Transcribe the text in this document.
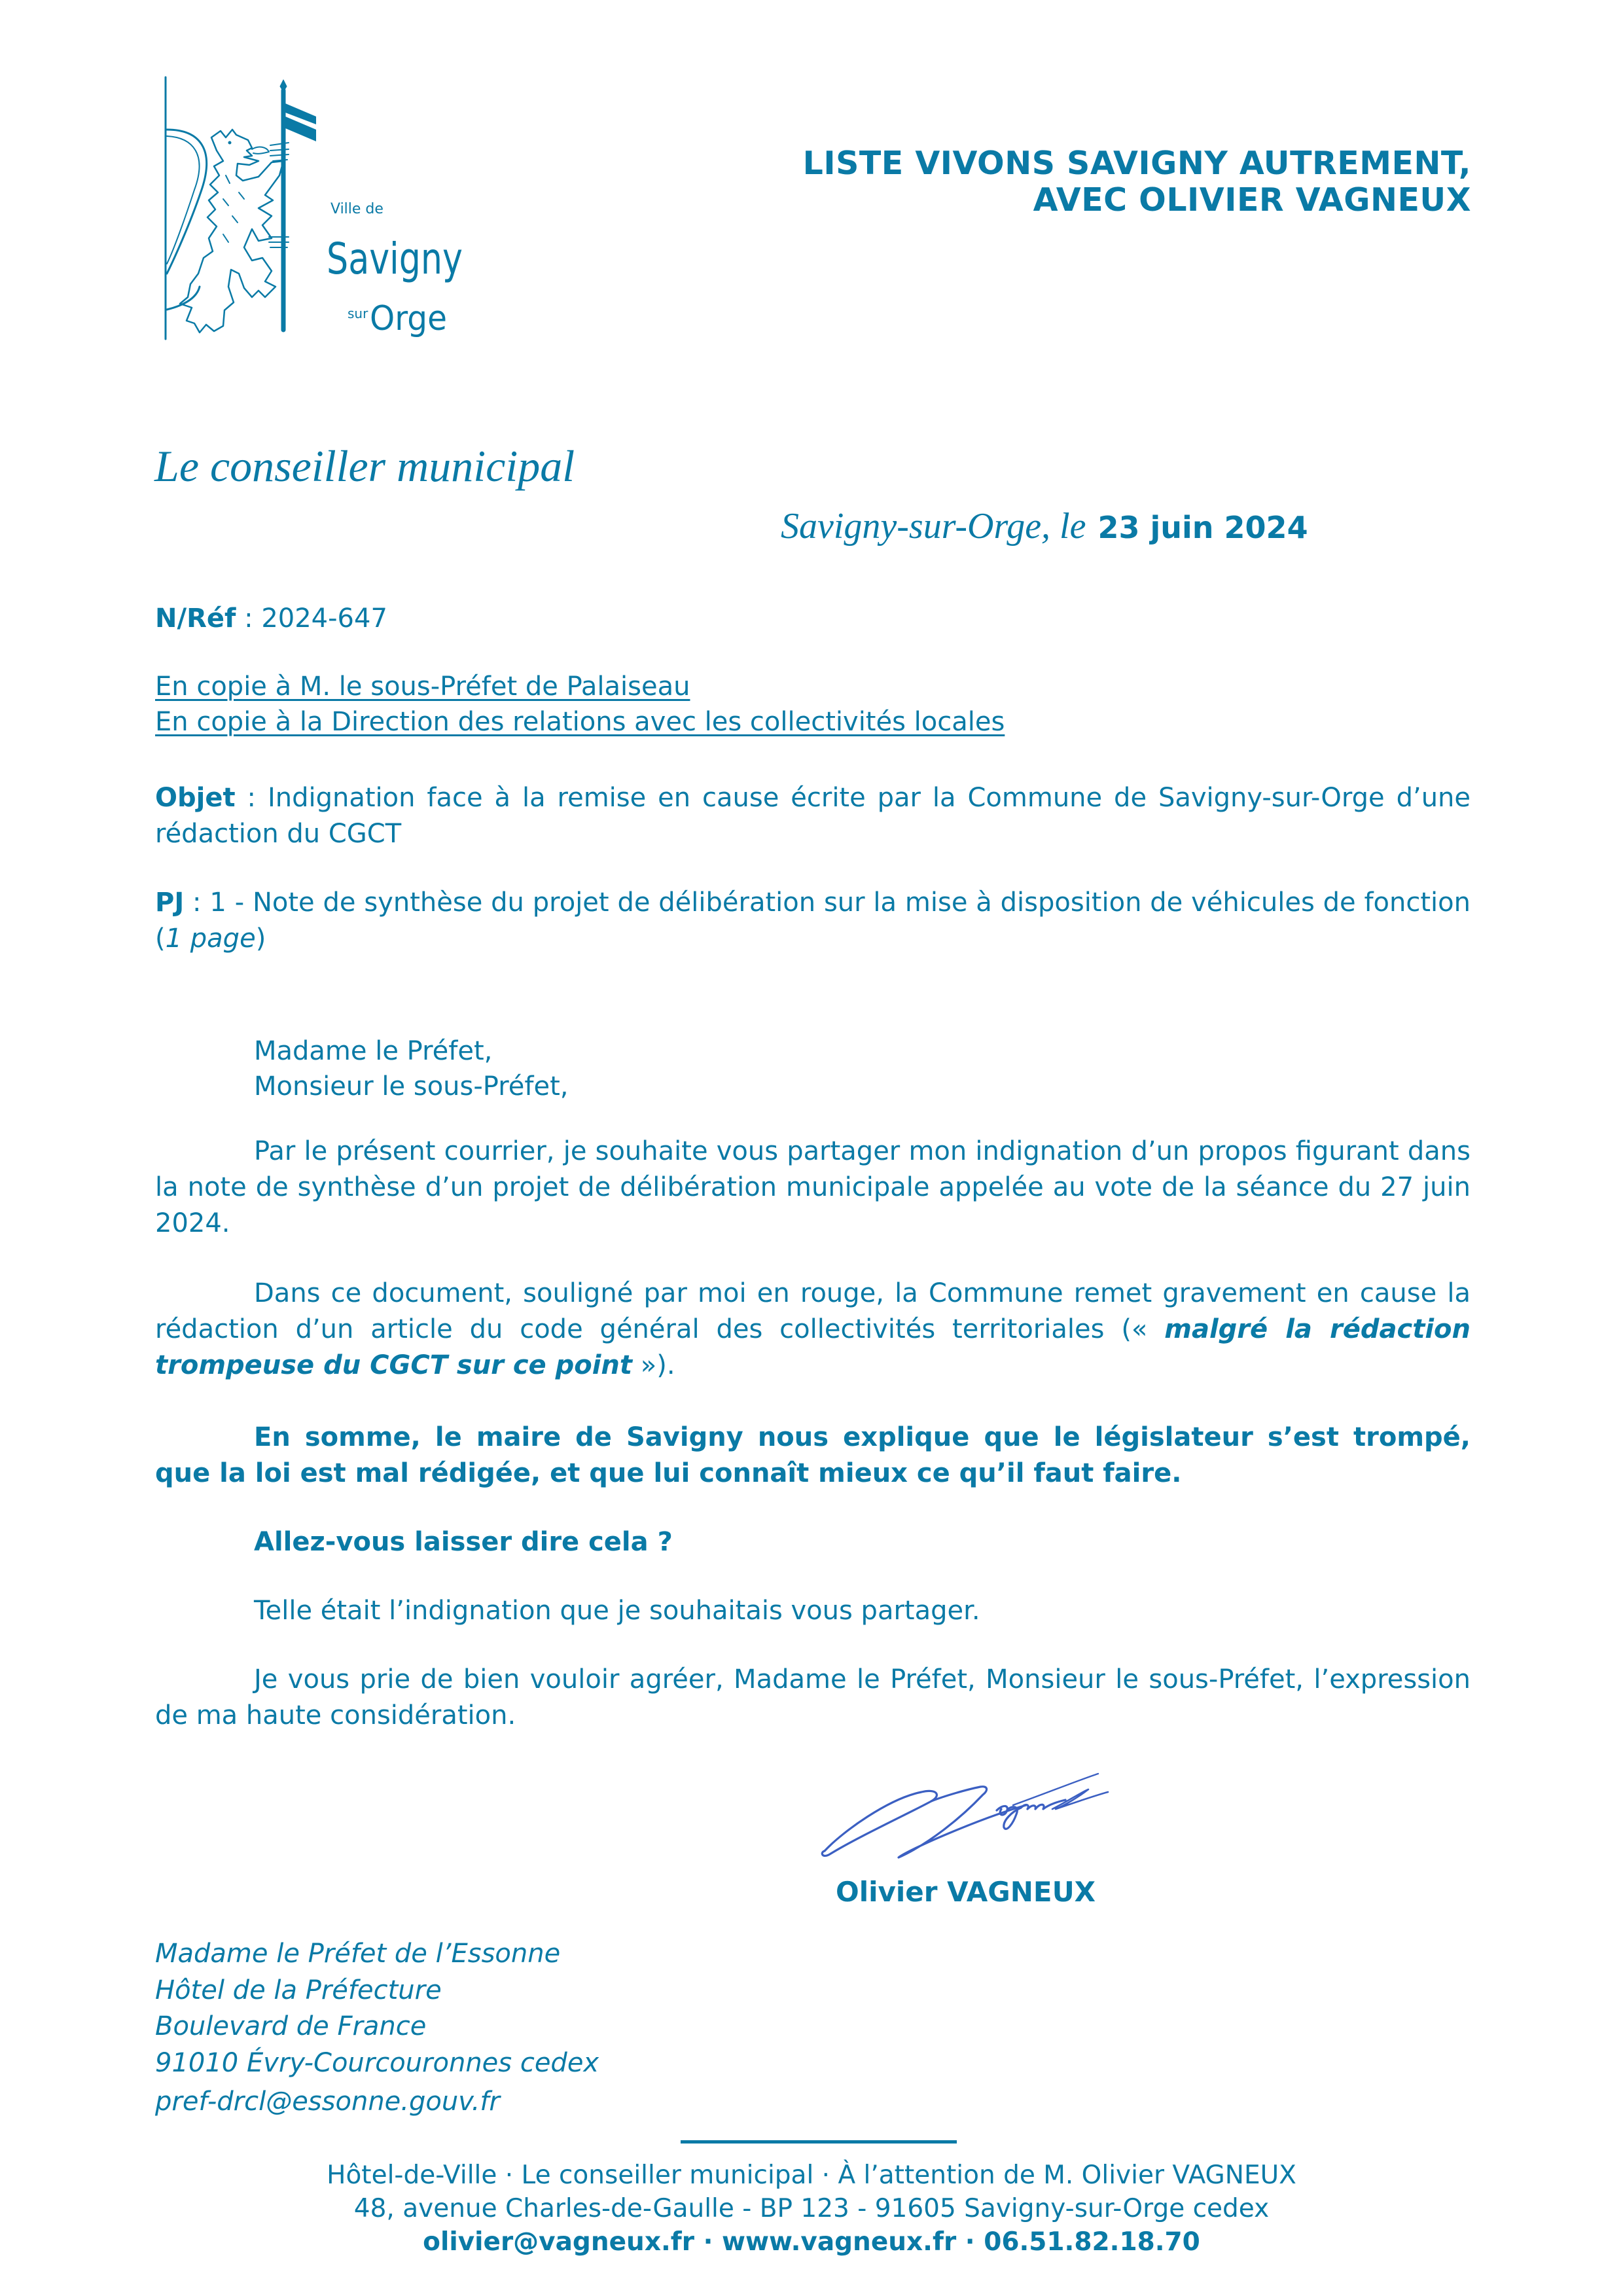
Ville de
Savigny
sur Orge
LISTE VIVONS SAVIGNY AUTREMENT,
AVEC OLIVIER VAGNEUX
Le conseiller municipal
Savigny-sur-Orge, le 23 juin 2024
N/Réf : 2024-647
En copie à M. le sous-Préfet de Palaiseau
En copie à la Direction des relations avec les collectivités locales
Objet : Indignation face à la remise en cause écrite par la Commune de Savigny-sur-Orge d’une rédaction du CGCT
PJ : 1 - Note de synthèse du projet de délibération sur la mise à disposition de véhicules de fonction (1 page)
Madame le Préfet,
Monsieur le sous-Préfet,
Par le présent courrier, je souhaite vous partager mon indignation d’un propos figurant dans la note de synthèse d’un projet de délibération municipale appelée au vote de la séance du 27 juin 2024.
Dans ce document, souligné par moi en rouge, la Commune remet gravement en cause la rédaction d’un article du code général des collectivités territoriales (« malgré la rédaction trompeuse du CGCT sur ce point »).
En somme, le maire de Savigny nous explique que le législateur s’est trompé, que la loi est mal rédigée, et que lui connaît mieux ce qu’il faut faire.
Allez-vous laisser dire cela ?
Telle était l’indignation que je souhaitais vous partager.
Je vous prie de bien vouloir agréer, Madame le Préfet, Monsieur le sous-Préfet, l’expression de ma haute considération.
Olivier VAGNEUX
Madame le Préfet de l’Essonne
Hôtel de la Préfecture
Boulevard de France
91010 Évry-Courcouronnes cedex
pref-drcl@essonne.gouv.fr
Hôtel-de-Ville · Le conseiller municipal · À l’attention de M. Olivier VAGNEUX
48, avenue Charles-de-Gaulle - BP 123 - 91605 Savigny-sur-Orge cedex
olivier@vagneux.fr · www.vagneux.fr · 06.51.82.18.70
